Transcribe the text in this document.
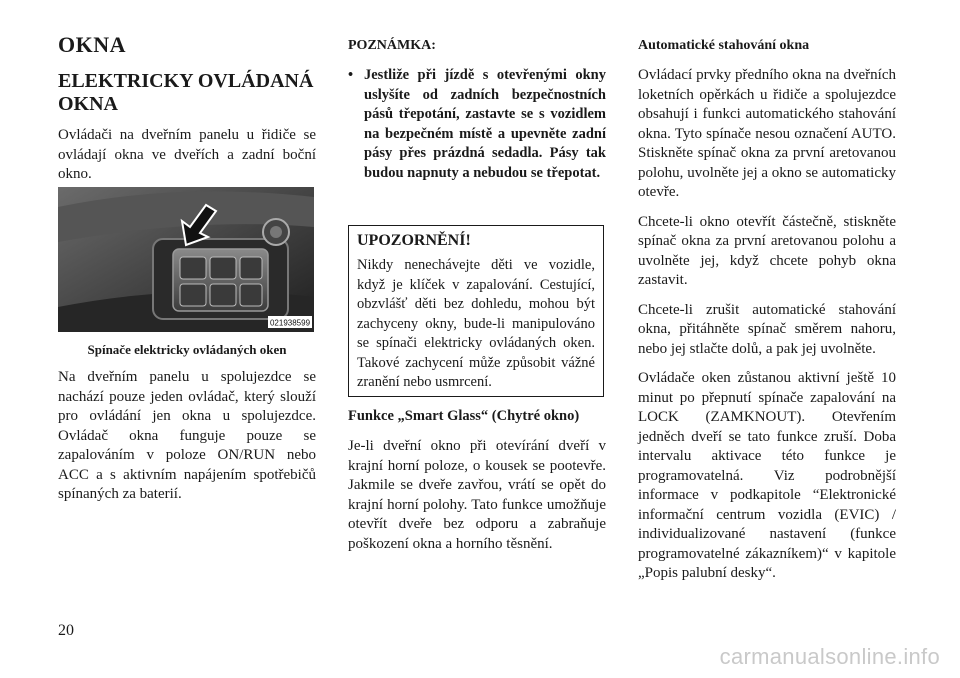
OKNA
ELEKTRICKY OVLÁDANÁ OKNA

Ovládači na dveřním panelu u řidiče se ovládají okna ve dveřích a zadní boční okno.

021938599
Spínače elektricky ovládaných oken

Na dveřním panelu u spolujezdce se nachází pouze jeden ovládač, který slouží pro ovládání jen okna u spolujezdce. Ovládač okna funguje pouze se zapalováním v poloze ON/RUN nebo ACC a s aktivním napájením spotřebičů spínaných za baterií.

POZNÁMKA:
• Jestliže při jízdě s otevřenými okny uslyšíte od zadních bezpečnostních pásů třepotání, zastavte se s vozidlem na bezpečném místě a upevněte zadní pásy přes prázdná sedadla. Pásy tak budou napnuty a nebudou se třepotat.

UPOZORNĚNÍ!

Nikdy nenechávejte děti ve vozidle, když je klíček v zapalování. Cestující, obzvlášť děti bez dohledu, mohou být zachyceny okny, bude-li manipulováno se spínači elektricky ovládaných oken. Takové zachycení může způsobit vážné zranění nebo usmrcení.

Funkce „Smart Glass“ (Chytré okno)

Je-li dveřní okno při otevírání dveří v krajní horní poloze, o kousek se pootevře. Jakmile se dveře zavřou, vrátí se opět do krajní horní polohy. Tato funkce umožňuje otevřít dveře bez odporu a zabraňuje poškození okna a horního těsnění.

Automatické stahování okna

Ovládací prvky předního okna na dveřních loketních opěrkách u řidiče a spolujezdce obsahují i funkci automatického stahování okna. Tyto spínače nesou označení AUTO. Stiskněte spínač okna za první aretovanou polohu, uvolněte jej a okno se automaticky otevře.

Chcete-li okno otevřít částečně, stiskněte spínač okna za první aretovanou polohu a uvolněte jej, když chcete pohyb okna zastavit.

Chcete-li zrušit automatické stahování okna, přitáhněte spínač směrem nahoru, nebo jej stlačte dolů, a pak jej uvolněte.

Ovládače oken zůstanou aktivní ještě 10 minut po přepnutí spínače zapalování na LOCK (ZAMKNOUT). Otevřením jedněch dveří se tato funkce zruší. Doba intervalu aktivace této funkce je programovatelná. Viz podrobnější informace v podkapitole “Elektronické informační centrum vozidla (EVIC) / individualizované nastavení (funkce programovatelné zákazníkem)“ v kapitole „Popis palubní desky“.

20
carmanualsonline.info
